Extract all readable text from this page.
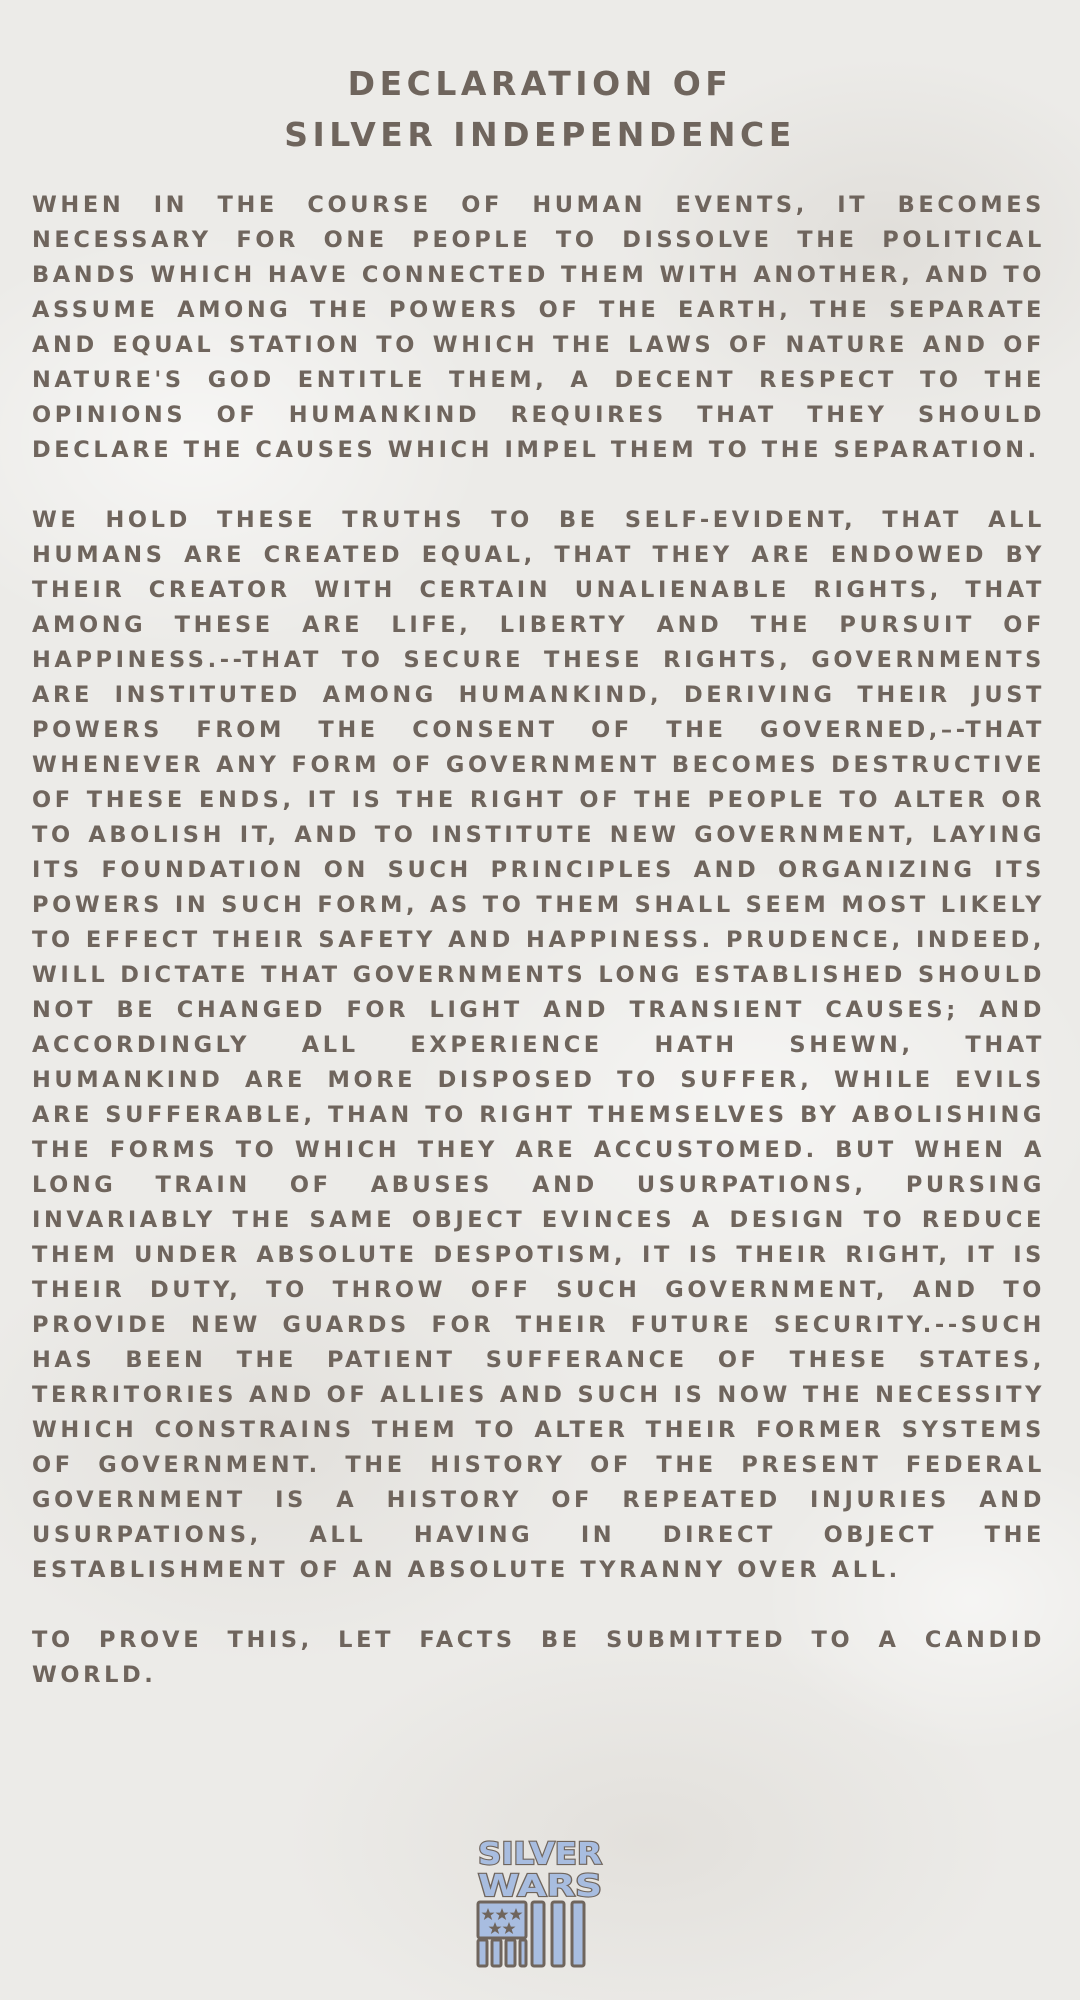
DECLARATION OF
SILVER INDEPENDENCE

WHEN IN THE COURSE OF HUMAN EVENTS, IT BECOMES NECESSARY FOR ONE PEOPLE TO DISSOLVE THE POLITICAL BANDS WHICH HAVE CONNECTED THEM WITH ANOTHER, AND TO ASSUME AMONG THE POWERS OF THE EARTH, THE SEPARATE AND EQUAL STATION TO WHICH THE LAWS OF NATURE AND OF NATURE'S GOD ENTITLE THEM, A DECENT RESPECT TO THE OPINIONS OF HUMANKIND REQUIRES THAT THEY SHOULD DECLARE THE CAUSES WHICH IMPEL THEM TO THE SEPARATION.

WE HOLD THESE TRUTHS TO BE SELF-EVIDENT, THAT ALL HUMANS ARE CREATED EQUAL, THAT THEY ARE ENDOWED BY THEIR CREATOR WITH CERTAIN UNALIENABLE RIGHTS, THAT AMONG THESE ARE LIFE, LIBERTY AND THE PURSUIT OF HAPPINESS.--THAT TO SECURE THESE RIGHTS, GOVERNMENTS ARE INSTITUTED AMONG HUMANKIND, DERIVING THEIR JUST POWERS FROM THE CONSENT OF THE GOVERNED,–-THAT WHENEVER ANY FORM OF GOVERNMENT BECOMES DESTRUCTIVE OF THESE ENDS, IT IS THE RIGHT OF THE PEOPLE TO ALTER OR TO ABOLISH IT, AND TO INSTITUTE NEW GOVERNMENT, LAYING ITS FOUNDATION ON SUCH PRINCIPLES AND ORGANIZING ITS POWERS IN SUCH FORM, AS TO THEM SHALL SEEM MOST LIKELY TO EFFECT THEIR SAFETY AND HAPPINESS. PRUDENCE, INDEED, WILL DICTATE THAT GOVERNMENTS LONG ESTABLISHED SHOULD NOT BE CHANGED FOR LIGHT AND TRANSIENT CAUSES; AND ACCORDINGLY ALL EXPERIENCE HATH SHEWN, THAT HUMANKIND ARE MORE DISPOSED TO SUFFER, WHILE EVILS ARE SUFFERABLE, THAN TO RIGHT THEMSELVES BY ABOLISHING THE FORMS TO WHICH THEY ARE ACCUSTOMED. BUT WHEN A LONG TRAIN OF ABUSES AND USURPATIONS, PURSING INVARIABLY THE SAME OBJECT EVINCES A DESIGN TO REDUCE THEM UNDER ABSOLUTE DESPOTISM, IT IS THEIR RIGHT, IT IS THEIR DUTY, TO THROW OFF SUCH GOVERNMENT, AND TO PROVIDE NEW GUARDS FOR THEIR FUTURE SECURITY.--SUCH HAS BEEN THE PATIENT SUFFERANCE OF THESE STATES, TERRITORIES AND OF ALLIES AND SUCH IS NOW THE NECESSITY WHICH CONSTRAINS THEM TO ALTER THEIR FORMER SYSTEMS OF GOVERNMENT. THE HISTORY OF THE PRESENT FEDERAL GOVERNMENT IS A HISTORY OF REPEATED INJURIES AND USURPATIONS, ALL HAVING IN DIRECT OBJECT THE ESTABLISHMENT OF AN ABSOLUTE TYRANNY OVER ALL.

TO PROVE THIS, LET FACTS BE SUBMITTED TO A CANDID WORLD.

SILVER
WARS
